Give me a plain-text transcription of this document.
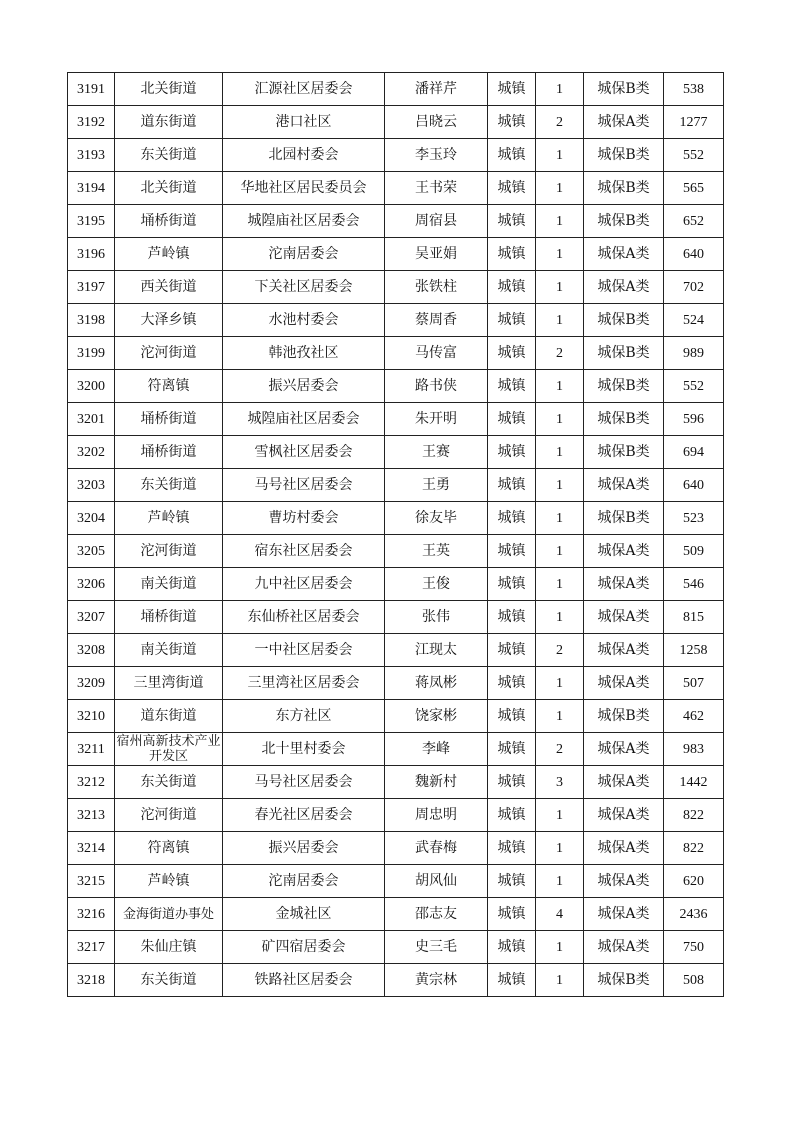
3191	北关街道	汇源社区居委会	潘祥芹	城镇	1	城保B类	538
3192	道东街道	港口社区	吕晓云	城镇	2	城保A类	1277
3193	东关街道	北园村委会	李玉玲	城镇	1	城保B类	552
3194	北关街道	华地社区居民委员会	王书荣	城镇	1	城保B类	565
3195	埇桥街道	城隍庙社区居委会	周宿县	城镇	1	城保B类	652
3196	芦岭镇	沱南居委会	吴亚娟	城镇	1	城保A类	640
3197	西关街道	下关社区居委会	张铁柱	城镇	1	城保A类	702
3198	大泽乡镇	水池村委会	蔡周香	城镇	1	城保B类	524
3199	沱河街道	韩池孜社区	马传富	城镇	2	城保B类	989
3200	符离镇	振兴居委会	路书侠	城镇	1	城保B类	552
3201	埇桥街道	城隍庙社区居委会	朱开明	城镇	1	城保B类	596
3202	埇桥街道	雪枫社区居委会	王赛	城镇	1	城保B类	694
3203	东关街道	马号社区居委会	王勇	城镇	1	城保A类	640
3204	芦岭镇	曹坊村委会	徐友毕	城镇	1	城保B类	523
3205	沱河街道	宿东社区居委会	王英	城镇	1	城保A类	509
3206	南关街道	九中社区居委会	王俊	城镇	1	城保A类	546
3207	埇桥街道	东仙桥社区居委会	张伟	城镇	1	城保A类	815
3208	南关街道	一中社区居委会	江现太	城镇	2	城保A类	1258
3209	三里湾街道	三里湾社区居委会	蒋凤彬	城镇	1	城保A类	507
3210	道东街道	东方社区	饶家彬	城镇	1	城保B类	462
3211	宿州高新技术产业开发区	北十里村委会	李峰	城镇	2	城保A类	983
3212	东关街道	马号社区居委会	魏新村	城镇	3	城保A类	1442
3213	沱河街道	春光社区居委会	周忠明	城镇	1	城保A类	822
3214	符离镇	振兴居委会	武春梅	城镇	1	城保A类	822
3215	芦岭镇	沱南居委会	胡风仙	城镇	1	城保A类	620
3216	金海街道办事处	金城社区	邵志友	城镇	4	城保A类	2436
3217	朱仙庄镇	矿四宿居委会	史三毛	城镇	1	城保A类	750
3218	东关街道	铁路社区居委会	黄宗林	城镇	1	城保B类	508
